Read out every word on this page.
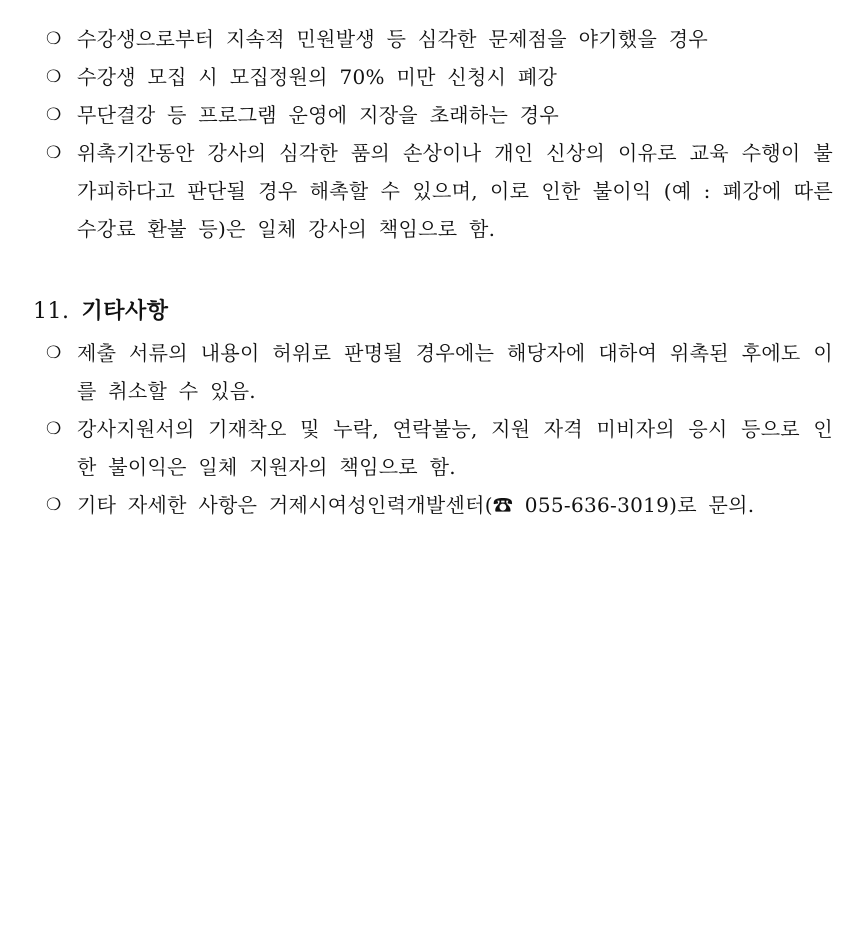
❍ 수강생으로부터 지속적 민원발생 등 심각한 문제점을 야기했을 경우
❍ 수강생 모집 시 모집정원의 70% 미만 신청시 폐강
❍ 무단결강 등 프로그램 운영에 지장을 초래하는 경우
❍ 위촉기간동안 강사의 심각한 품의 손상이나 개인 신상의 이유로 교육 수행이 불가피하다고 판단될 경우 해촉할 수 있으며, 이로 인한 불이익 (예 : 폐강에 따른 수강료 환불 등)은 일체 강사의 책임으로 함.
11. 기타사항
❍ 제출 서류의 내용이 허위로 판명될 경우에는 해당자에 대하여 위촉된 후에도 이를 취소할 수 있음.
❍ 강사지원서의 기재착오 및 누락, 연락불능, 지원 자격 미비자의 응시 등으로 인한 불이익은 일체 지원자의 책임으로 함.
❍ 기타 자세한 사항은 거제시여성인력개발센터(☎ 055-636-3019)로 문의.
